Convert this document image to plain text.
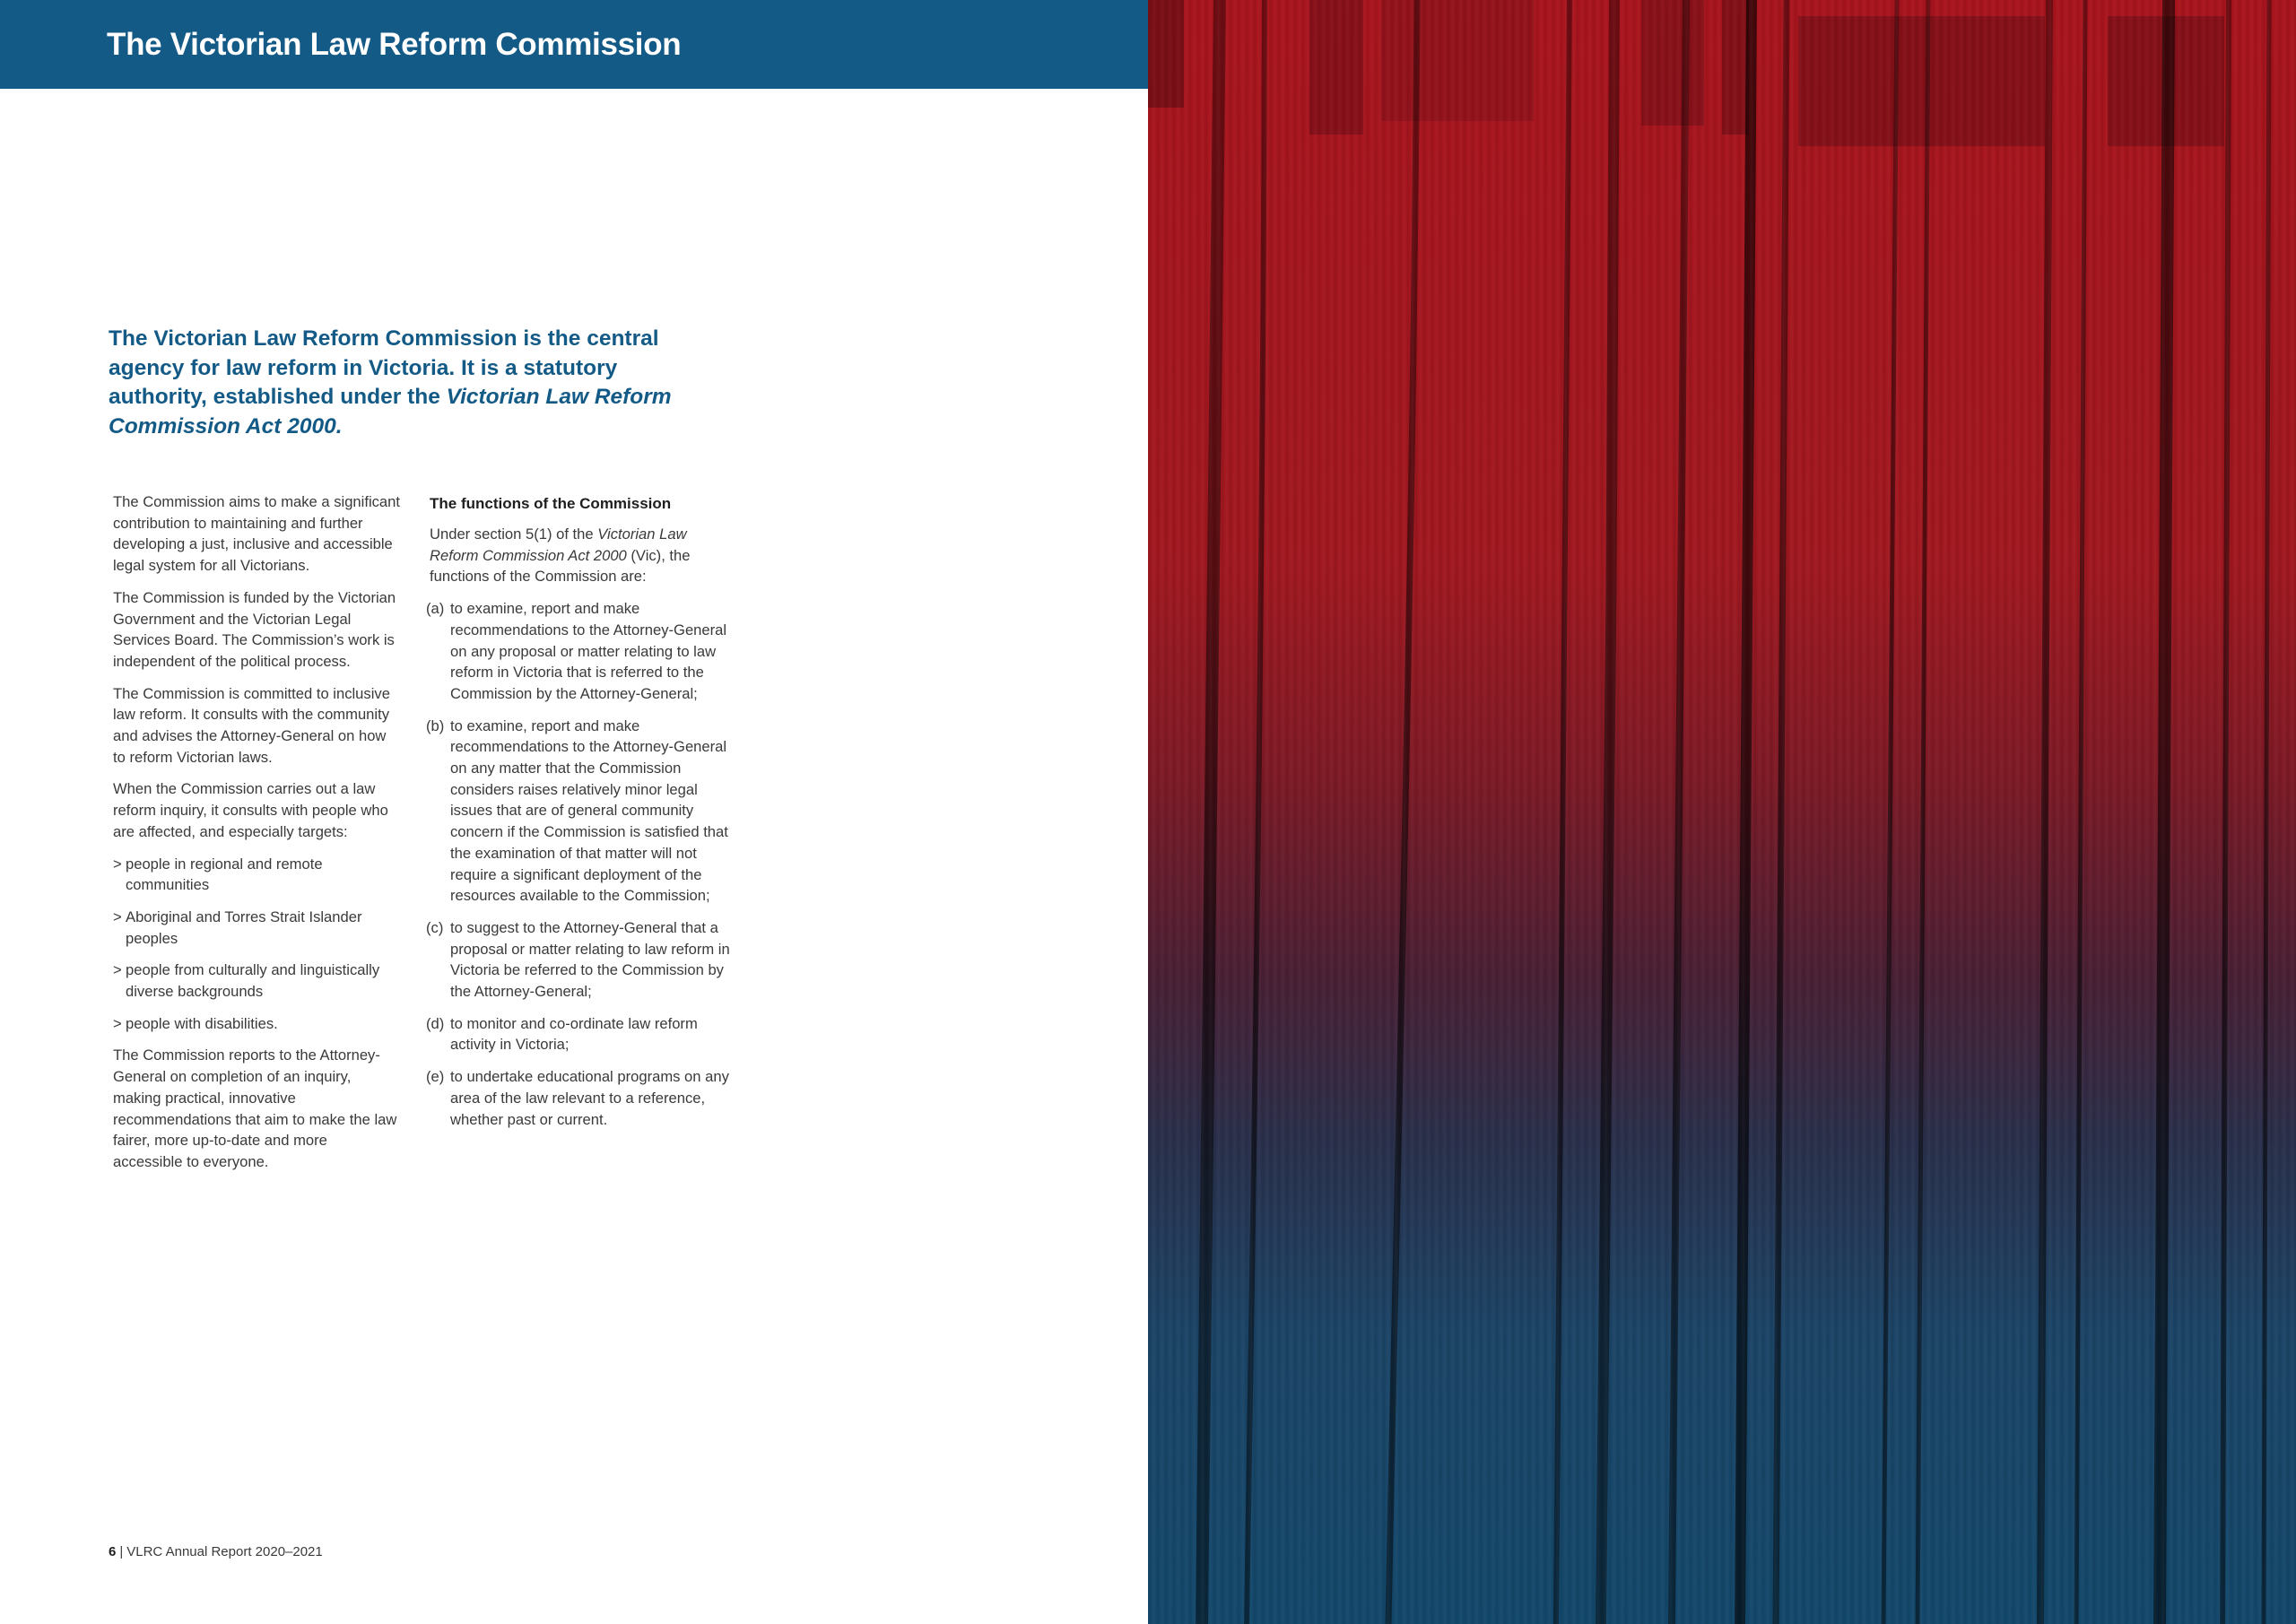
The Victorian Law Reform Commission

The Victorian Law Reform Commission is the central agency for law reform in Victoria. It is a statutory authority, established under the Victorian Law Reform Commission Act 2000.

The Commission aims to make a significant contribution to maintaining and further developing a just, inclusive and accessible legal system for all Victorians.

The Commission is funded by the Victorian Government and the Victorian Legal Services Board. The Commission’s work is independent of the political process.

The Commission is committed to inclusive law reform. It consults with the community and advises the Attorney-General on how to reform Victorian laws.

When the Commission carries out a law reform inquiry, it consults with people who are affected, and especially targets:

> people in regional and remote communities
> Aboriginal and Torres Strait Islander peoples
> people from culturally and linguistically diverse backgrounds
> people with disabilities.

The Commission reports to the Attorney-General on completion of an inquiry, making practical, innovative recommendations that aim to make the law fairer, more up-to-date and more accessible to everyone.

The functions of the Commission

Under section 5(1) of the Victorian Law Reform Commission Act 2000 (Vic), the functions of the Commission are:

(a) to examine, report and make recommendations to the Attorney-General on any proposal or matter relating to law reform in Victoria that is referred to the Commission by the Attorney-General;
(b) to examine, report and make recommendations to the Attorney-General on any matter that the Commission considers raises relatively minor legal issues that are of general community concern if the Commission is satisfied that the examination of that matter will not require a significant deployment of the resources available to the Commission;
(c) to suggest to the Attorney-General that a proposal or matter relating to law reform in Victoria be referred to the Commission by the Attorney-General;
(d) to monitor and co-ordinate law reform activity in Victoria;
(e) to undertake educational programs on any area of the law relevant to a reference, whether past or current.
6 | VLRC Annual Report 2020–2021
